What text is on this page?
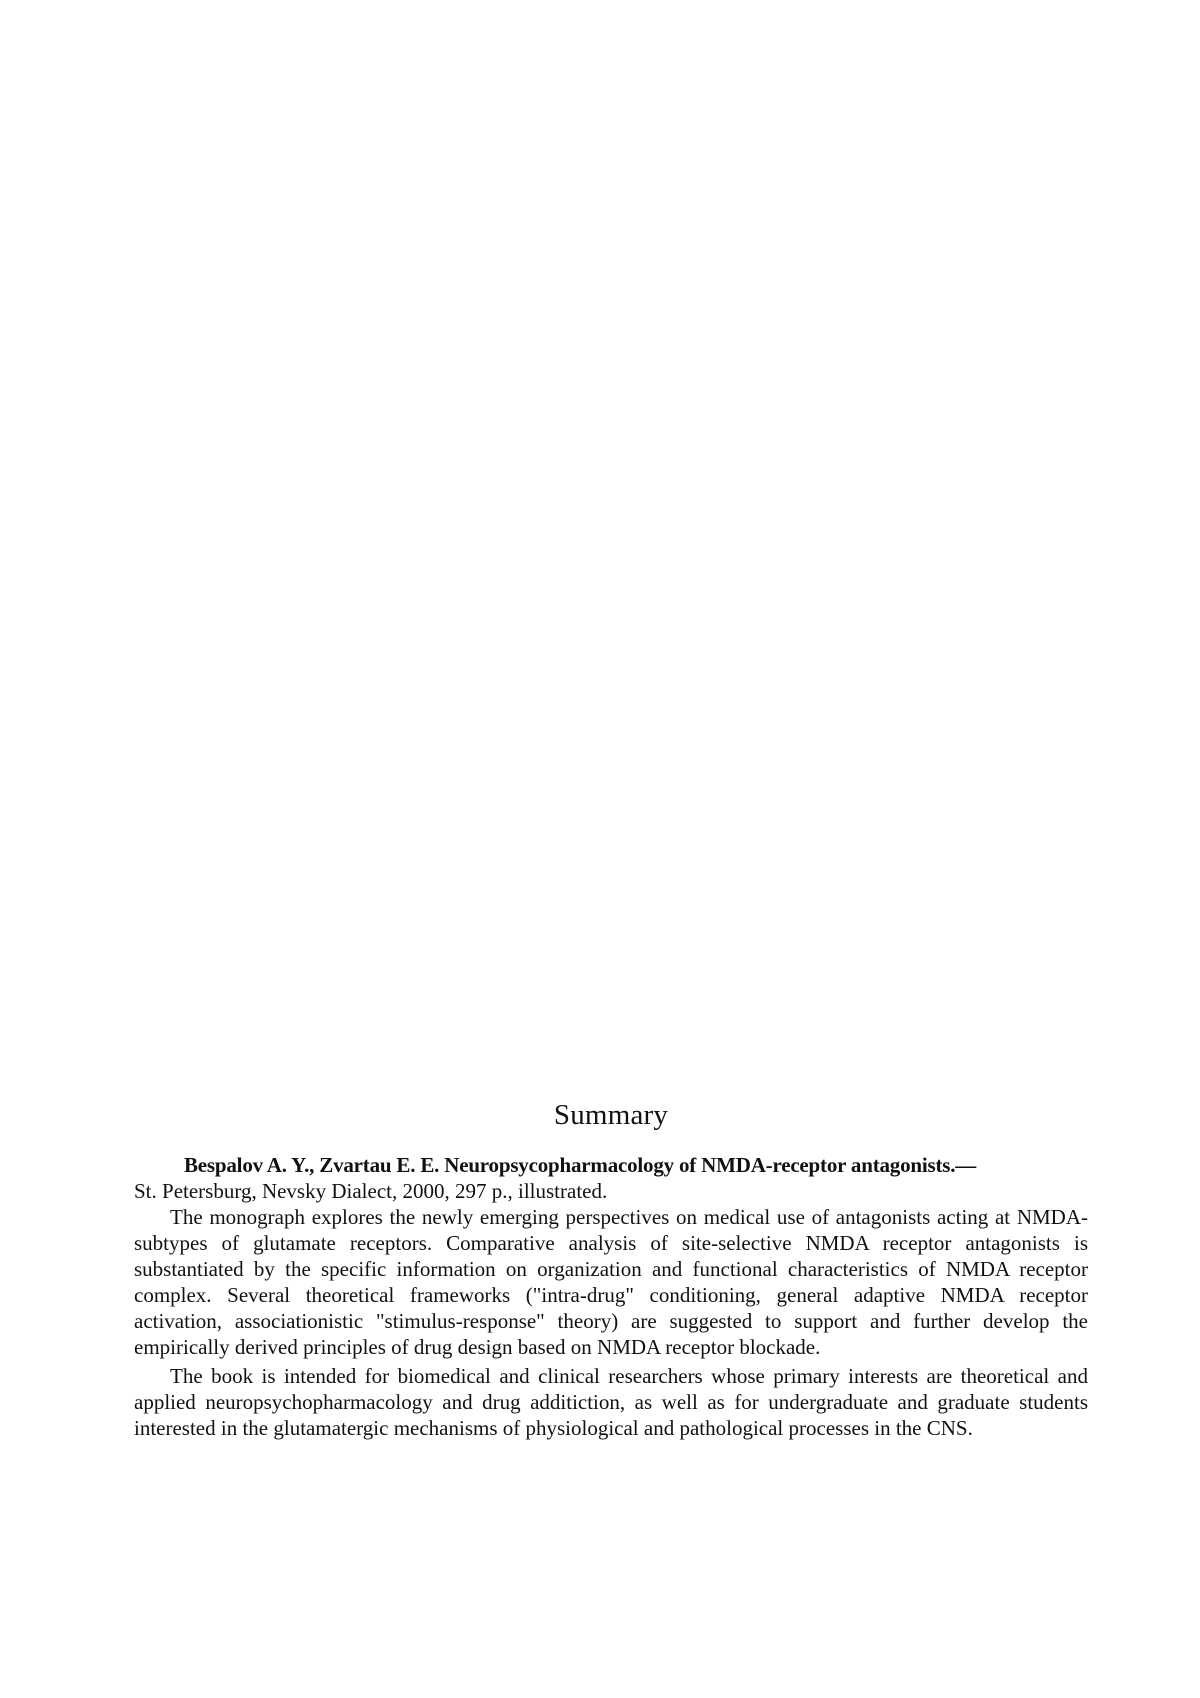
Summary

Bespalov A. Y., Zvartau E. E. Neuropsycopharmacology of NMDA-receptor antagonists.—
St. Petersburg, Nevsky Dialect, 2000, 297 p., illustrated.

The monograph explores the newly emerging perspectives on medical use of antagonists acting at NMDA-subtypes of glutamate receptors. Comparative analysis of site-selective NMDA receptor antagonists is substantiated by the specific information on organization and functional characteristics of NMDA receptor complex. Several theoretical frameworks ("intra-drug" conditioning, general adaptive NMDA receptor activation, associationistic "stimulus-response" theory) are suggested to support and further develop the empirically derived principles of drug design based on NMDA receptor blockade.

The book is intended for biomedical and clinical researchers whose primary interests are theoretical and applied neuropsychopharmacology and drug additiction, as well as for undergraduate and graduate students interested in the glutamatergic mechanisms of physiological and pathological processes in the CNS.
